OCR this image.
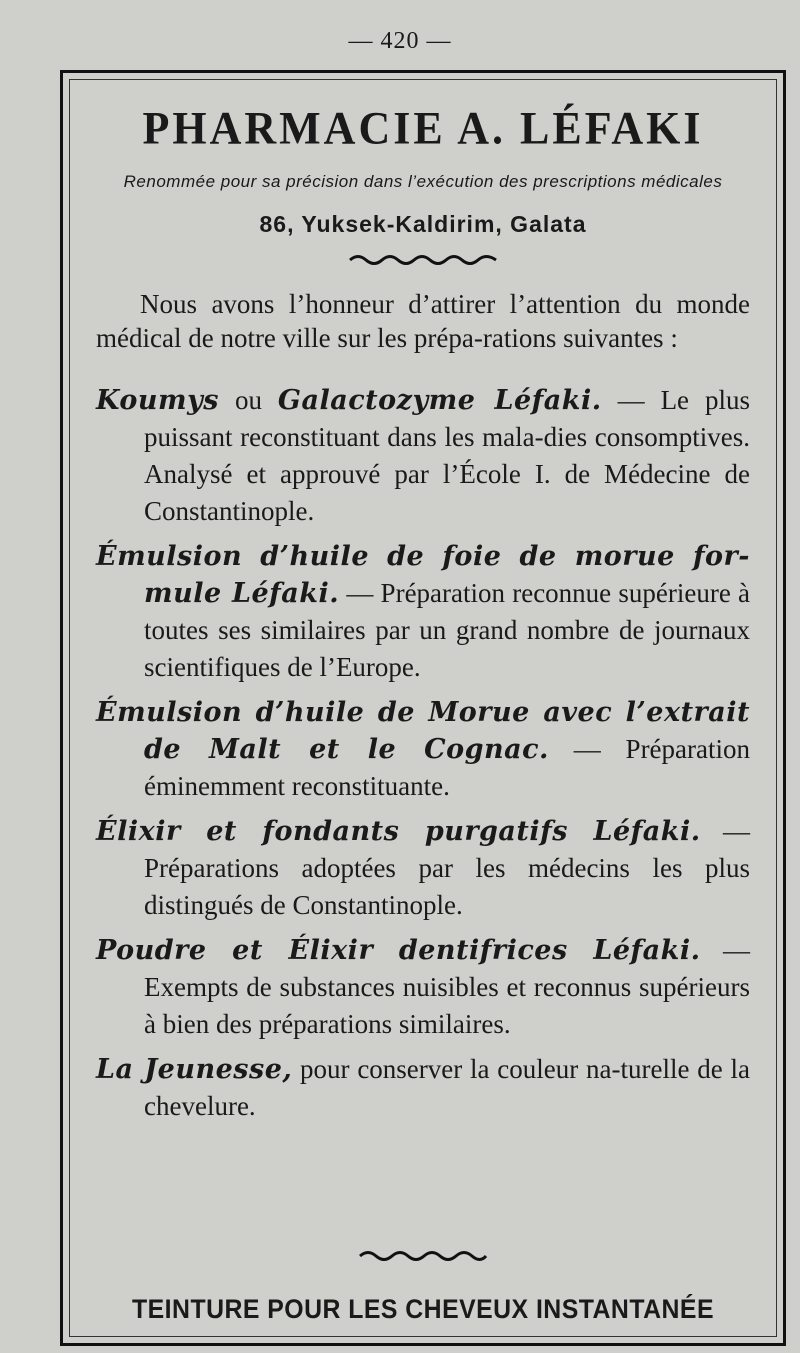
— 420 —
PHARMACIE A. LÉFAKI
Renommée pour sa précision dans l’exécution des prescriptions médicales
86, Yuksek-Kaldirim, Galata

Nous avons l’honneur d’attirer l’attention du monde médical de notre ville sur les prépa-rations suivantes :

Koumys ou Galactozyme Léfaki. — Le plus puissant reconstituant dans les mala-dies consomptives. Analysé et approuvé par l’École I. de Médecine de Constantinople.
Émulsion d’huile de foie de morue for-mule Léfaki. — Préparation reconnue supérieure à toutes ses similaires par un grand nombre de journaux scientifiques de l’Europe.
Émulsion d’huile de Morue avec l’extrait de Malt et le Cognac. — Préparation éminemment reconstituante.
Élixir et fondants purgatifs Léfaki. — Préparations adoptées par les médecins les plus distingués de Constantinople.
Poudre et Élixir dentifrices Léfaki. — Exempts de substances nuisibles et reconnus supérieurs à bien des préparations similaires.
La Jeunesse, pour conserver la couleur na-turelle de la chevelure.
TEINTURE POUR LES CHEVEUX INSTANTANÉE
